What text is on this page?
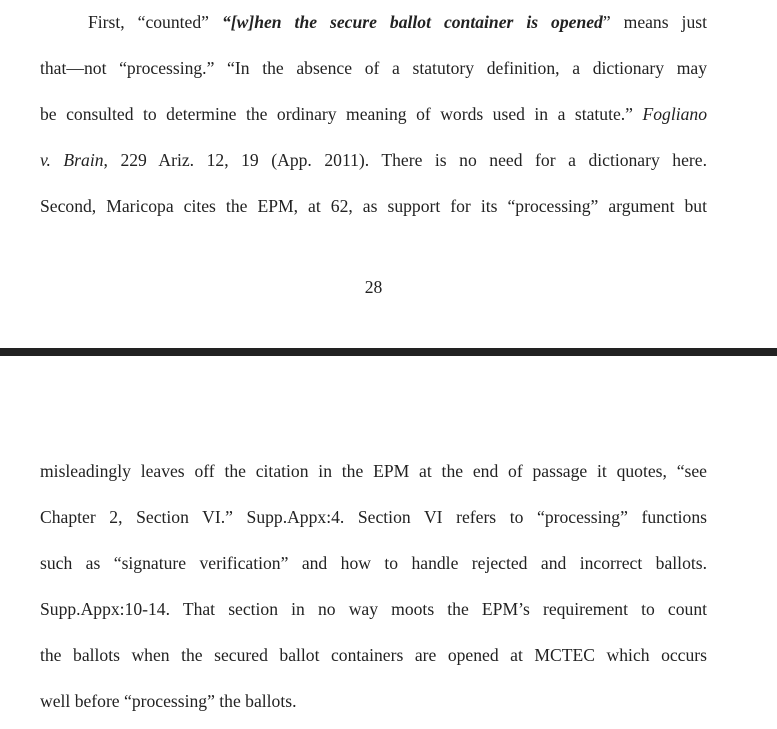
First, “counted” “[w]hen the secure ballot container is opened” means just
that—not “processing.” “In the absence of a statutory definition, a dictionary may
be consulted to determine the ordinary meaning of words used in a statute.” Fogliano
v. Brain, 229 Ariz. 12, 19 (App. 2011). There is no need for a dictionary here.
Second, Maricopa cites the EPM, at 62, as support for its “processing” argument but
28
misleadingly leaves off the citation in the EPM at the end of passage it quotes, “see
Chapter 2, Section VI.” Supp.Appx:4. Section VI refers to “processing” functions
such as “signature verification” and how to handle rejected and incorrect ballots.
Supp.Appx:10-14. That section in no way moots the EPM’s requirement to count
the ballots when the secured ballot containers are opened at MCTEC which occurs
well before “processing” the ballots.
